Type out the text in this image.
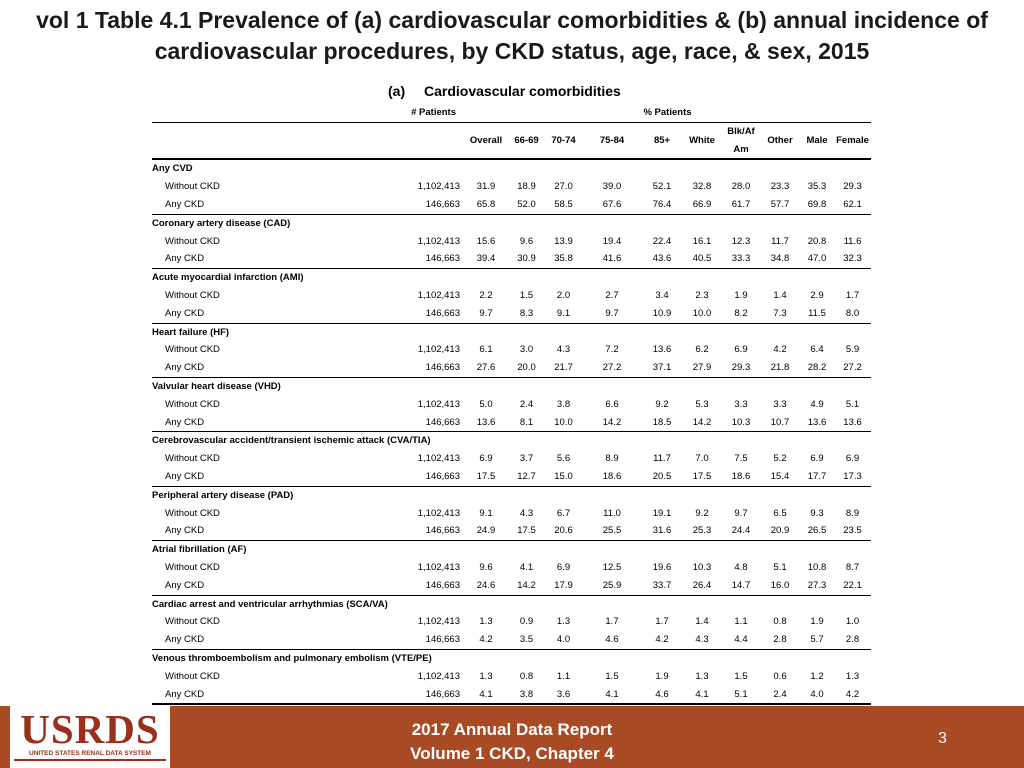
vol 1 Table 4.1 Prevalence of (a) cardiovascular comorbidities & (b) annual incidence of
cardiovascular procedures, by CKD status, age, race, & sex, 2015
(a) Cardiovascular comorbidities
	# Patients	% Patients									
		Overall	66-69	70-74	75-84	85+	White	Blk/Af Am	Other	Male	Female
Any CVD											
Without CKD	1,102,413	31.9	18.9	27.0	39.0	52.1	32.8	28.0	23.3	35.3	29.3
Any CKD	146,663	65.8	52.0	58.5	67.6	76.4	66.9	61.7	57.7	69.8	62.1
Coronary artery disease (CAD)											
Without CKD	1,102,413	15.6	9.6	13.9	19.4	22.4	16.1	12.3	11.7	20.8	11.6
Any CKD	146,663	39.4	30.9	35.8	41.6	43.6	40.5	33.3	34.8	47.0	32.3
Acute myocardial infarction (AMI)											
Without CKD	1,102,413	2.2	1.5	2.0	2.7	3.4	2.3	1.9	1.4	2.9	1.7
Any CKD	146,663	9.7	8.3	9.1	9.7	10.9	10.0	8.2	7.3	11.5	8.0
Heart failure (HF)											
Without CKD	1,102,413	6.1	3.0	4.3	7.2	13.6	6.2	6.9	4.2	6.4	5.9
Any CKD	146,663	27.6	20.0	21.7	27.2	37.1	27.9	29.3	21.8	28.2	27.2
Valvular heart disease (VHD)											
Without CKD	1,102,413	5.0	2.4	3.8	6.6	9.2	5.3	3.3	3.3	4.9	5.1
Any CKD	146,663	13.6	8.1	10.0	14.2	18.5	14.2	10.3	10.7	13.6	13.6
Cerebrovascular accident/transient ischemic attack (CVA/TIA)											
Without CKD	1,102,413	6.9	3.7	5.6	8.9	11.7	7.0	7.5	5.2	6.9	6.9
Any CKD	146,663	17.5	12.7	15.0	18.6	20.5	17.5	18.6	15.4	17.7	17.3
Peripheral artery disease (PAD)											
Without CKD	1,102,413	9.1	4.3	6.7	11.0	19.1	9.2	9.7	6.5	9.3	8.9
Any CKD	146,663	24.9	17.5	20.6	25.5	31.6	25.3	24.4	20.9	26.5	23.5
Atrial fibrillation (AF)											
Without CKD	1,102,413	9.6	4.1	6.9	12.5	19.6	10.3	4.8	5.1	10.8	8.7
Any CKD	146,663	24.6	14.2	17.9	25.9	33.7	26.4	14.7	16.0	27.3	22.1
Cardiac arrest and ventricular arrhythmias (SCA/VA)											
Without CKD	1,102,413	1.3	0.9	1.3	1.7	1.7	1.4	1.1	0.8	1.9	1.0
Any CKD	146,663	4.2	3.5	4.0	4.6	4.2	4.3	4.4	2.8	5.7	2.8
Venous thromboembolism and pulmonary embolism (VTE/PE)											
Without CKD	1,102,413	1.3	0.8	1.1	1.5	1.9	1.3	1.5	0.6	1.2	1.3
Any CKD	146,663	4.1	3.8	3.6	4.1	4.6	4.1	5.1	2.4	4.0	4.2
USRDS
UNITED STATES RENAL DATA SYSTEM
2017 Annual Data Report
Volume 1 CKD, Chapter 4
3
